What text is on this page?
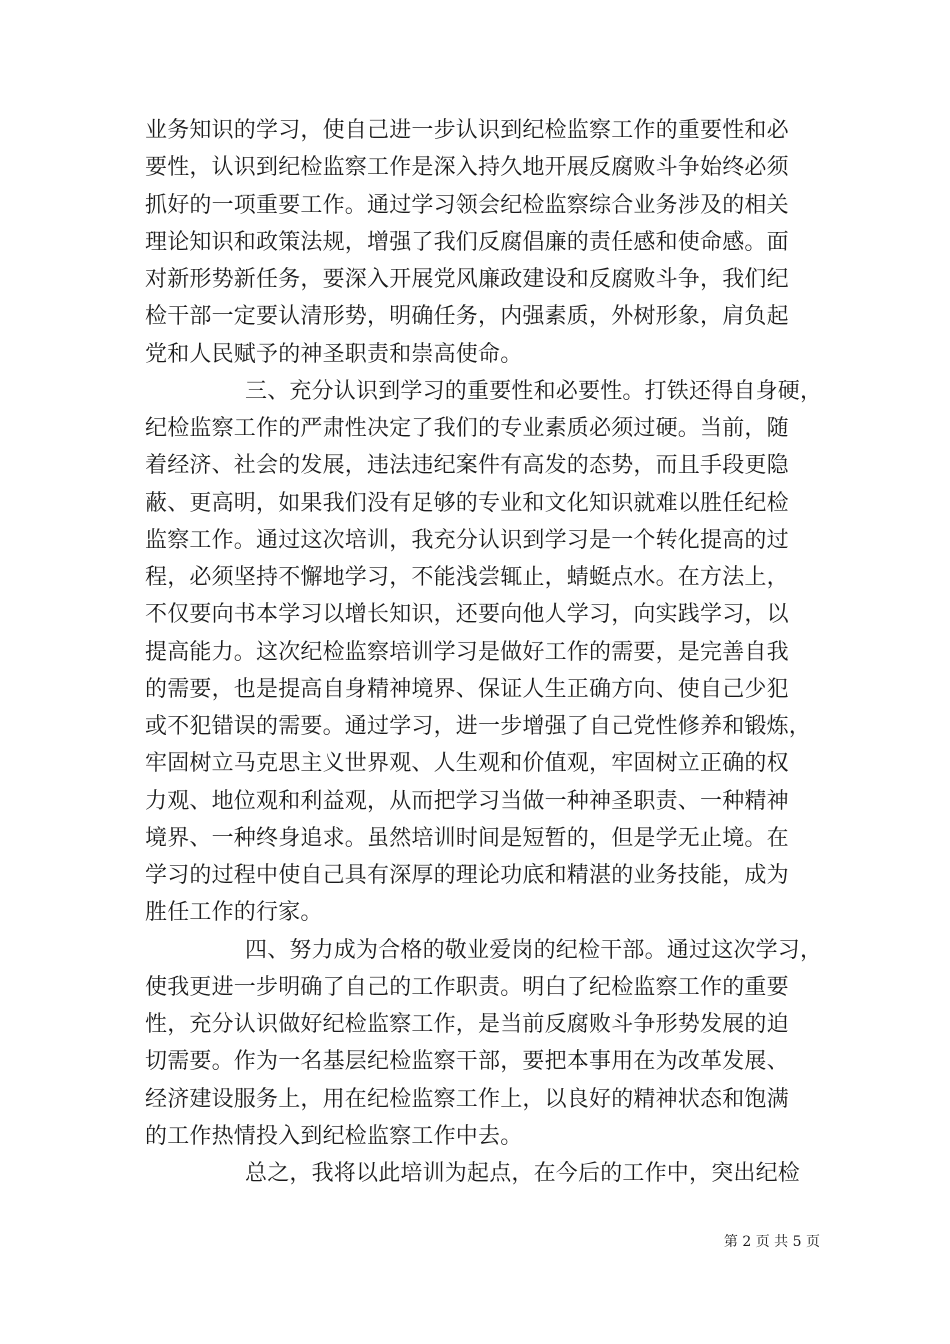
业务知识的学习，使自己进一步认识到纪检监察工作的重要性和必
要性，认识到纪检监察工作是深入持久地开展反腐败斗争始终必须
抓好的一项重要工作。通过学习领会纪检监察综合业务涉及的相关
理论知识和政策法规，增强了我们反腐倡廉的责任感和使命感。面
对新形势新任务，要深入开展党风廉政建设和反腐败斗争，我们纪
检干部一定要认清形势，明确任务，内强素质，外树形象，肩负起
党和人民赋予的神圣职责和崇高使命。
三、充分认识到学习的重要性和必要性。打铁还得自身硬，
纪检监察工作的严肃性决定了我们的专业素质必须过硬。当前，随
着经济、社会的发展，违法违纪案件有高发的态势，而且手段更隐
蔽、更高明，如果我们没有足够的专业和文化知识就难以胜任纪检
监察工作。通过这次培训，我充分认识到学习是一个转化提高的过
程，必须坚持不懈地学习，不能浅尝辄止，蜻蜓点水。在方法上，
不仅要向书本学习以增长知识，还要向他人学习，向实践学习，以
提高能力。这次纪检监察培训学习是做好工作的需要，是完善自我
的需要，也是提高自身精神境界、保证人生正确方向、使自己少犯
或不犯错误的需要。通过学习，进一步增强了自己党性修养和锻炼，
牢固树立马克思主义世界观、人生观和价值观，牢固树立正确的权
力观、地位观和利益观，从而把学习当做一种神圣职责、一种精神
境界、一种终身追求。虽然培训时间是短暂的，但是学无止境。在
学习的过程中使自己具有深厚的理论功底和精湛的业务技能，成为
胜任工作的行家。
四、努力成为合格的敬业爱岗的纪检干部。通过这次学习，
使我更进一步明确了自己的工作职责。明白了纪检监察工作的重要
性，充分认识做好纪检监察工作，是当前反腐败斗争形势发展的迫
切需要。作为一名基层纪检监察干部，要把本事用在为改革发展、
经济建设服务上，用在纪检监察工作上，以良好的精神状态和饱满
的工作热情投入到纪检监察工作中去。
总之，我将以此培训为起点，在今后的工作中，突出纪检
第 2 页 共 5 页
